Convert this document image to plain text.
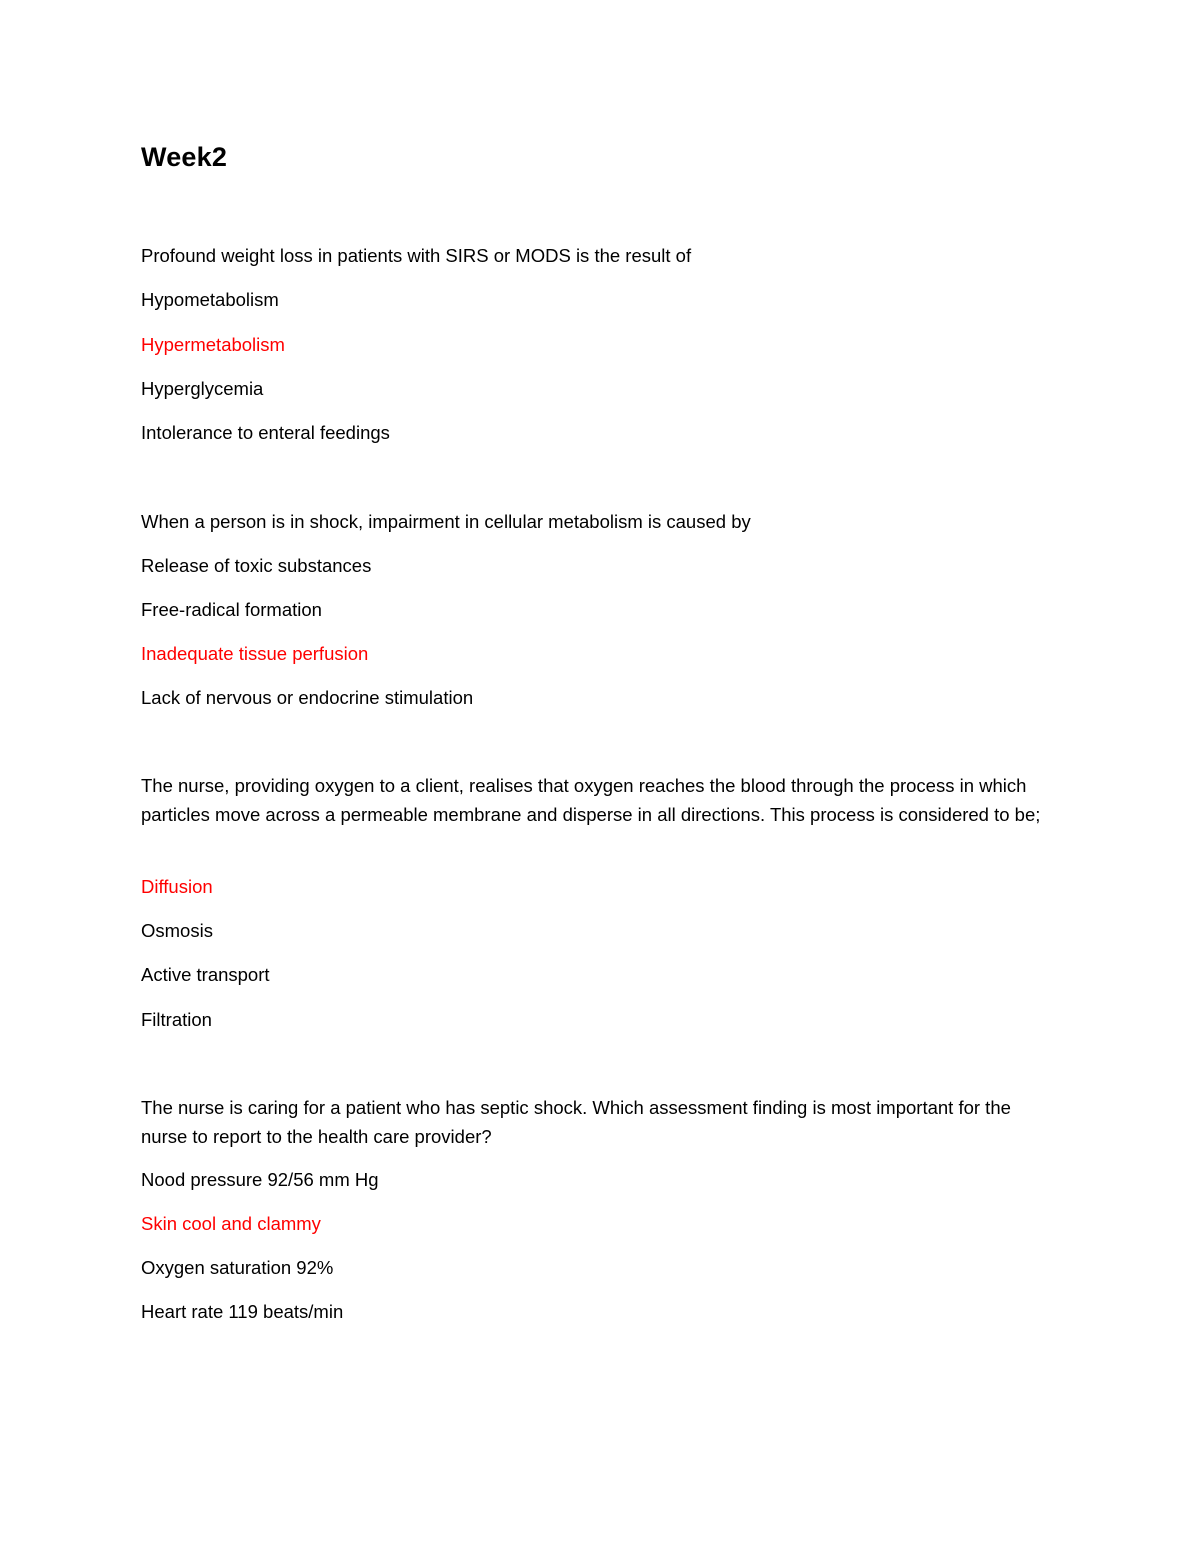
Week2

Profound weight loss in patients with SIRS or MODS is the result of

Hypometabolism

Hypermetabolism

Hyperglycemia

Intolerance to enteral feedings

When a person is in shock, impairment in cellular metabolism is caused by

Release of toxic substances

Free-radical formation

Inadequate tissue perfusion

Lack of nervous or endocrine stimulation

The nurse, providing oxygen to a client, realises that oxygen reaches the blood through the process in which particles move across a permeable membrane and disperse in all directions. This process is considered to be;

Diffusion

Osmosis

Active transport

Filtration

The nurse is caring for a patient who has septic shock. Which assessment finding is most important for the nurse to report to the health care provider?

Nood pressure 92/56 mm Hg

Skin cool and clammy

Oxygen saturation 92%

Heart rate 119 beats/min
